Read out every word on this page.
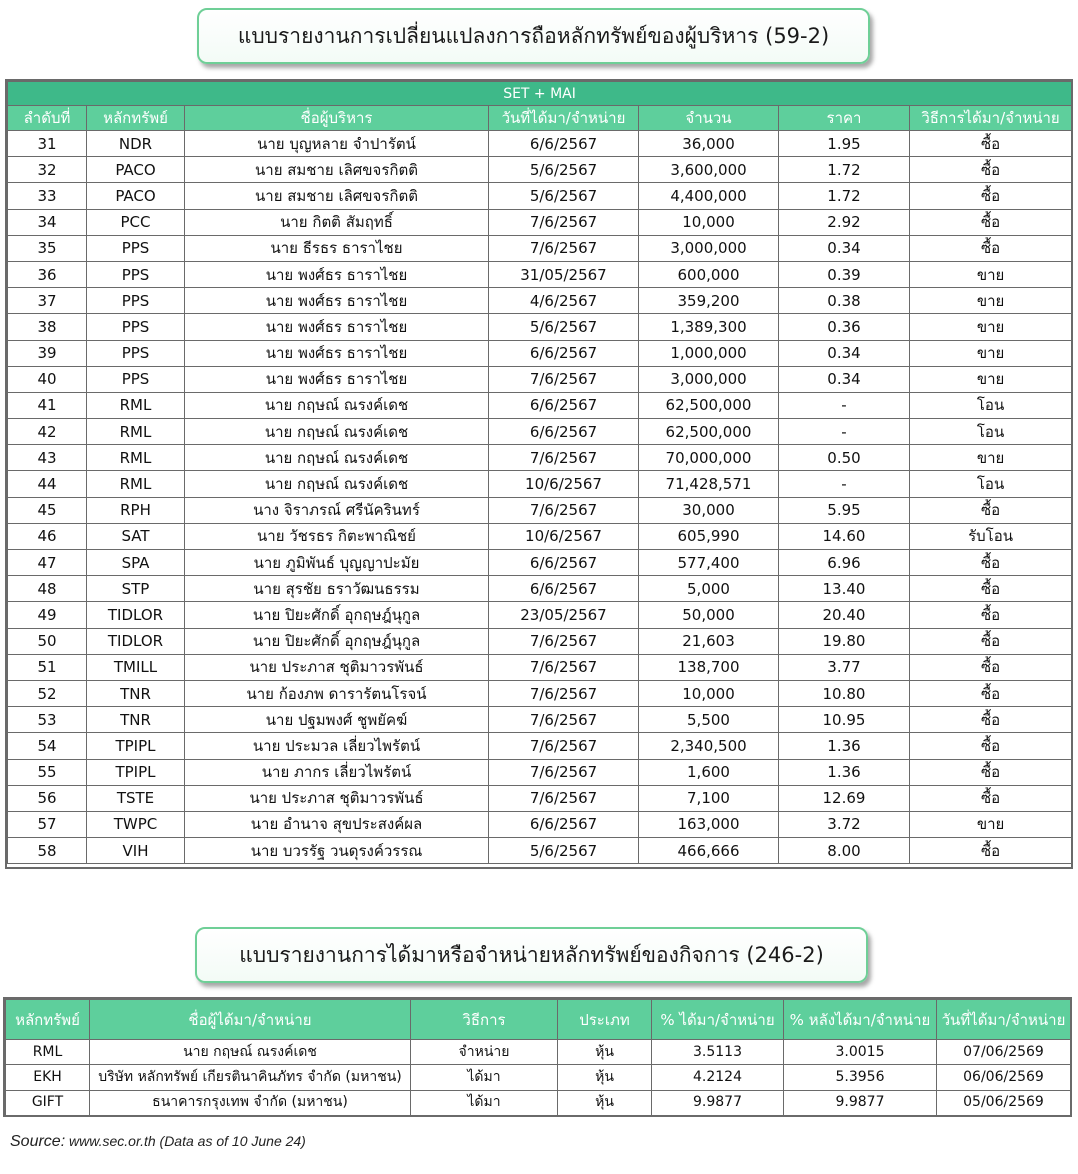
แบบรายงานการเปลี่ยนแปลงการถือหลักทรัพย์ของผู้บริหาร (59-2)
SET + MAI						
ลำดับที่	หลักทรัพย์	ชื่อผู้บริหาร	วันที่ได้มา/จำหน่าย	จำนวน	ราคา	วิธีการได้มา/จำหน่าย
31	NDR	นาย บุญหลาย จำปารัตน์	6/6/2567	36,000	1.95	ซื้อ
32	PACO	นาย สมชาย เลิศขจรกิตติ	5/6/2567	3,600,000	1.72	ซื้อ
33	PACO	นาย สมชาย เลิศขจรกิตติ	5/6/2567	4,400,000	1.72	ซื้อ
34	PCC	นาย กิตติ สัมฤทธิ์	7/6/2567	10,000	2.92	ซื้อ
35	PPS	นาย ธีรธร ธาราไชย	7/6/2567	3,000,000	0.34	ซื้อ
36	PPS	นาย พงศ์ธร ธาราไชย	31/05/2567	600,000	0.39	ขาย
37	PPS	นาย พงศ์ธร ธาราไชย	4/6/2567	359,200	0.38	ขาย
38	PPS	นาย พงศ์ธร ธาราไชย	5/6/2567	1,389,300	0.36	ขาย
39	PPS	นาย พงศ์ธร ธาราไชย	6/6/2567	1,000,000	0.34	ขาย
40	PPS	นาย พงศ์ธร ธาราไชย	7/6/2567	3,000,000	0.34	ขาย
41	RML	นาย กฤษณ์ ณรงค์เดช	6/6/2567	62,500,000	-	โอน
42	RML	นาย กฤษณ์ ณรงค์เดช	6/6/2567	62,500,000	-	โอน
43	RML	นาย กฤษณ์ ณรงค์เดช	7/6/2567	70,000,000	0.50	ขาย
44	RML	นาย กฤษณ์ ณรงค์เดช	10/6/2567	71,428,571	-	โอน
45	RPH	นาง จิราภรณ์ ศรีนัครินทร์	7/6/2567	30,000	5.95	ซื้อ
46	SAT	นาย วัชรธร กิตะพาณิชย์	10/6/2567	605,990	14.60	รับโอน
47	SPA	นาย ภูมิพันธ์ บุญญาปะมัย	6/6/2567	577,400	6.96	ซื้อ
48	STP	นาย สุรชัย ธราวัฒนธรรม	6/6/2567	5,000	13.40	ซื้อ
49	TIDLOR	นาย ปิยะศักดิ์ อุกฤษฎ์นุกูล	23/05/2567	50,000	20.40	ซื้อ
50	TIDLOR	นาย ปิยะศักดิ์ อุกฤษฎ์นุกูล	7/6/2567	21,603	19.80	ซื้อ
51	TMILL	นาย ประภาส ชุติมาวรพันธ์	7/6/2567	138,700	3.77	ซื้อ
52	TNR	นาย ก้องภพ ดารารัตนโรจน์	7/6/2567	10,000	10.80	ซื้อ
53	TNR	นาย ปฐมพงศ์ ชูพยัคฆ์	7/6/2567	5,500	10.95	ซื้อ
54	TPIPL	นาย ประมวล เลี่ยวไพรัตน์	7/6/2567	2,340,500	1.36	ซื้อ
55	TPIPL	นาย ภากร เลี่ยวไพรัตน์	7/6/2567	1,600	1.36	ซื้อ
56	TSTE	นาย ประภาส ชุติมาวรพันธ์	7/6/2567	7,100	12.69	ซื้อ
57	TWPC	นาย อำนาจ สุขประสงค์ผล	6/6/2567	163,000	3.72	ขาย
58	VIH	นาย บวรรัฐ วนดุรงค์วรรณ	5/6/2567	466,666	8.00	ซื้อ
แบบรายงานการได้มาหรือจำหน่ายหลักทรัพย์ของกิจการ (246-2)
หลักทรัพย์	ชื่อผู้ได้มา/จำหน่าย	วิธีการ	ประเภท	% ได้มา/จำหน่าย	% หลังได้มา/จำหน่าย	วันที่ได้มา/จำหน่าย
RML	นาย กฤษณ์ ณรงค์เดช	จำหน่าย	หุ้น	3.5113	3.0015	07/06/2569
EKH	บริษัท หลักทรัพย์ เกียรตินาคินภัทร จำกัด (มหาชน)	ได้มา	หุ้น	4.2124	5.3956	06/06/2569
GIFT	ธนาคารกรุงเทพ จำกัด (มหาชน)	ได้มา	หุ้น	9.9877	9.9877	05/06/2569
Source: www.sec.or.th (Data as of 10 June 24)
